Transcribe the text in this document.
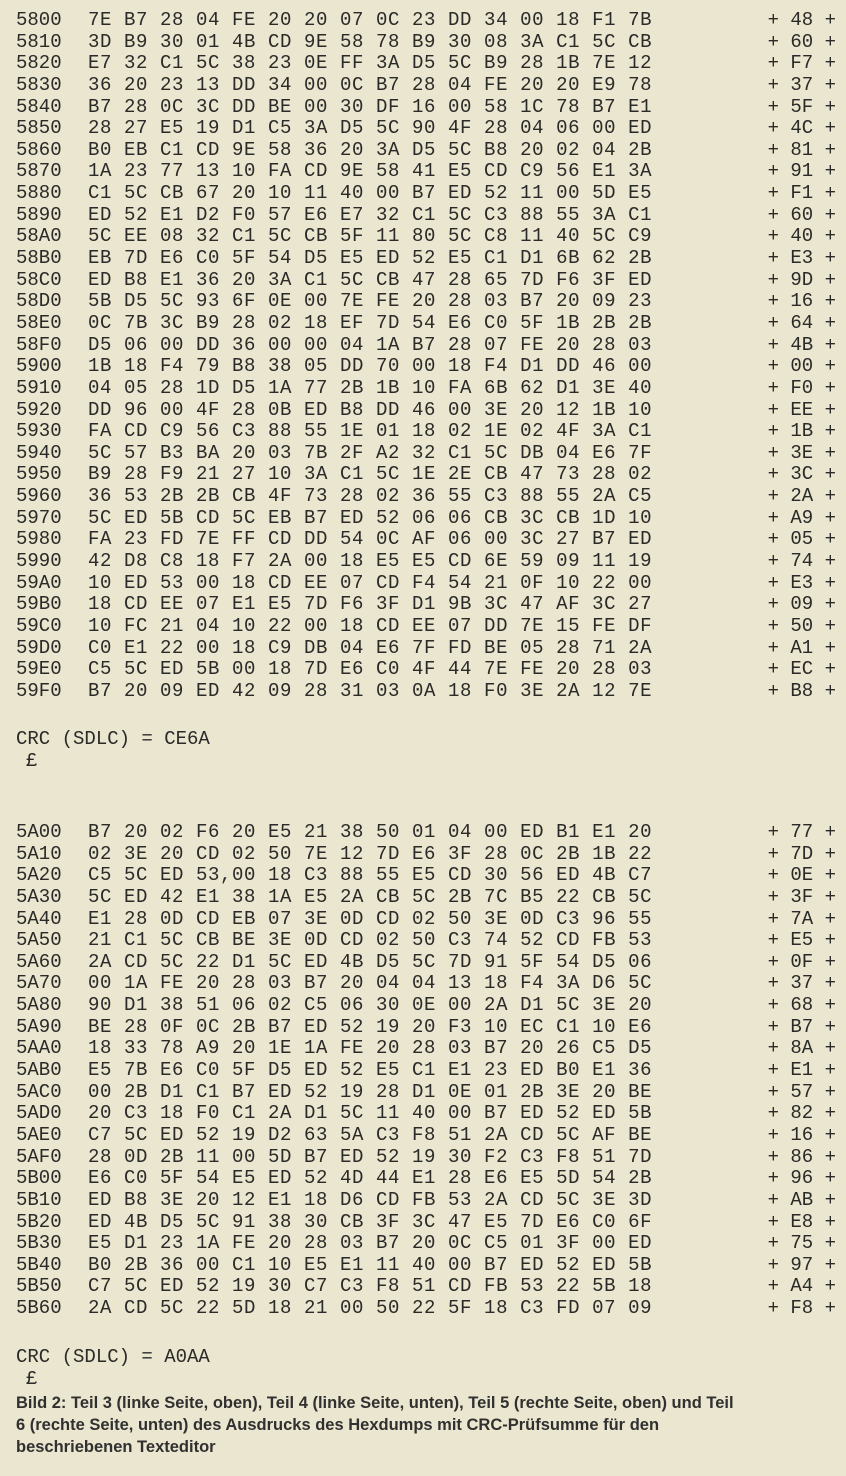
5800	7E B7 28 04 FE 20 20 07 0C 23 DD 34 00 18 F1 7B	+ 48 +
5810	3D B9 30 01 4B CD 9E 58 78 B9 30 08 3A C1 5C CB	+ 60 +
5820	E7 32 C1 5C 38 23 0E FF 3A D5 5C B9 28 1B 7E 12	+ F7 +
5830	36 20 23 13 DD 34 00 0C B7 28 04 FE 20 20 E9 78	+ 37 +
5840	B7 28 0C 3C DD BE 00 30 DF 16 00 58 1C 78 B7 E1	+ 5F +
5850	28 27 E5 19 D1 C5 3A D5 5C 90 4F 28 04 06 00 ED	+ 4C +
5860	B0 EB C1 CD 9E 58 36 20 3A D5 5C B8 20 02 04 2B	+ 81 +
5870	1A 23 77 13 10 FA CD 9E 58 41 E5 CD C9 56 E1 3A	+ 91 +
5880	C1 5C CB 67 20 10 11 40 00 B7 ED 52 11 00 5D E5	+ F1 +
5890	ED 52 E1 D2 F0 57 E6 E7 32 C1 5C C3 88 55 3A C1	+ 60 +
58A0	5C EE 08 32 C1 5C CB 5F 11 80 5C C8 11 40 5C C9	+ 40 +
58B0	EB 7D E6 C0 5F 54 D5 E5 ED 52 E5 C1 D1 6B 62 2B	+ E3 +
58C0	ED B8 E1 36 20 3A C1 5C CB 47 28 65 7D F6 3F ED	+ 9D +
58D0	5B D5 5C 93 6F 0E 00 7E FE 20 28 03 B7 20 09 23	+ 16 +
58E0	0C 7B 3C B9 28 02 18 EF 7D 54 E6 C0 5F 1B 2B 2B	+ 64 +
58F0	D5 06 00 DD 36 00 00 04 1A B7 28 07 FE 20 28 03	+ 4B +
5900	1B 18 F4 79 B8 38 05 DD 70 00 18 F4 D1 DD 46 00	+ 00 +
5910	04 05 28 1D D5 1A 77 2B 1B 10 FA 6B 62 D1 3E 40	+ F0 +
5920	DD 96 00 4F 28 0B ED B8 DD 46 00 3E 20 12 1B 10	+ EE +
5930	FA CD C9 56 C3 88 55 1E 01 18 02 1E 02 4F 3A C1	+ 1B +
5940	5C 57 B3 BA 20 03 7B 2F A2 32 C1 5C DB 04 E6 7F	+ 3E +
5950	B9 28 F9 21 27 10 3A C1 5C 1E 2E CB 47 73 28 02	+ 3C +
5960	36 53 2B 2B CB 4F 73 28 02 36 55 C3 88 55 2A C5	+ 2A +
5970	5C ED 5B CD 5C EB B7 ED 52 06 06 CB 3C CB 1D 10	+ A9 +
5980	FA 23 FD 7E FF CD DD 54 0C AF 06 00 3C 27 B7 ED	+ 05 +
5990	42 D8 C8 18 F7 2A 00 18 E5 E5 CD 6E 59 09 11 19	+ 74 +
59A0	10 ED 53 00 18 CD EE 07 CD F4 54 21 0F 10 22 00	+ E3 +
59B0	18 CD EE 07 E1 E5 7D F6 3F D1 9B 3C 47 AF 3C 27	+ 09 +
59C0	10 FC 21 04 10 22 00 18 CD EE 07 DD 7E 15 FE DF	+ 50 +
59D0	C0 E1 22 00 18 C9 DB 04 E6 7F FD BE 05 28 71 2A	+ A1 +
59E0	C5 5C ED 5B 00 18 7D E6 C0 4F 44 7E FE 20 28 03	+ EC +
59F0	B7 20 09 ED 42 09 28 31 03 0A 18 F0 3E 2A 12 7E	+ B8 +
CRC (SDLC) = CE6A
£
5A00	B7 20 02 F6 20 E5 21 38 50 01 04 00 ED B1 E1 20	+ 77 +
5A10	02 3E 20 CD 02 50 7E 12 7D E6 3F 28 0C 2B 1B 22	+ 7D +
5A20	C5 5C ED 53,00 18 C3 88 55 E5 CD 30 56 ED 4B C7	+ 0E +
5A30	5C ED 42 E1 38 1A E5 2A CB 5C 2B 7C B5 22 CB 5C	+ 3F +
5A40	E1 28 0D CD EB 07 3E 0D CD 02 50 3E 0D C3 96 55	+ 7A +
5A50	21 C1 5C CB BE 3E 0D CD 02 50 C3 74 52 CD FB 53	+ E5 +
5A60	2A CD 5C 22 D1 5C ED 4B D5 5C 7D 91 5F 54 D5 06	+ 0F +
5A70	00 1A FE 20 28 03 B7 20 04 04 13 18 F4 3A D6 5C	+ 37 +
5A80	90 D1 38 51 06 02 C5 06 30 0E 00 2A D1 5C 3E 20	+ 68 +
5A90	BE 28 0F 0C 2B B7 ED 52 19 20 F3 10 EC C1 10 E6	+ B7 +
5AA0	18 33 78 A9 20 1E 1A FE 20 28 03 B7 20 26 C5 D5	+ 8A +
5AB0	E5 7B E6 C0 5F D5 ED 52 E5 C1 E1 23 ED B0 E1 36	+ E1 +
5AC0	00 2B D1 C1 B7 ED 52 19 28 D1 0E 01 2B 3E 20 BE	+ 57 +
5AD0	20 C3 18 F0 C1 2A D1 5C 11 40 00 B7 ED 52 ED 5B	+ 82 +
5AE0	C7 5C ED 52 19 D2 63 5A C3 F8 51 2A CD 5C AF BE	+ 16 +
5AF0	28 0D 2B 11 00 5D B7 ED 52 19 30 F2 C3 F8 51 7D	+ 86 +
5B00	E6 C0 5F 54 E5 ED 52 4D 44 E1 28 E6 E5 5D 54 2B	+ 96 +
5B10	ED B8 3E 20 12 E1 18 D6 CD FB 53 2A CD 5C 3E 3D	+ AB +
5B20	ED 4B D5 5C 91 38 30 CB 3F 3C 47 E5 7D E6 C0 6F	+ E8 +
5B30	E5 D1 23 1A FE 20 28 03 B7 20 0C C5 01 3F 00 ED	+ 75 +
5B40	B0 2B 36 00 C1 10 E5 E1 11 40 00 B7 ED 52 ED 5B	+ 97 +
5B50	C7 5C ED 52 19 30 C7 C3 F8 51 CD FB 53 22 5B 18	+ A4 +
5B60	2A CD 5C 22 5D 18 21 00 50 22 5F 18 C3 FD 07 09	+ F8 +
CRC (SDLC) = A0AA
£
Bild 2: Teil 3 (linke Seite, oben), Teil 4 (linke Seite, unten), Teil 5 (rechte Seite, oben) und Teil 6 (rechte Seite, unten) des Ausdrucks des Hexdumps mit CRC-Prüfsumme für den beschriebenen Texteditor
